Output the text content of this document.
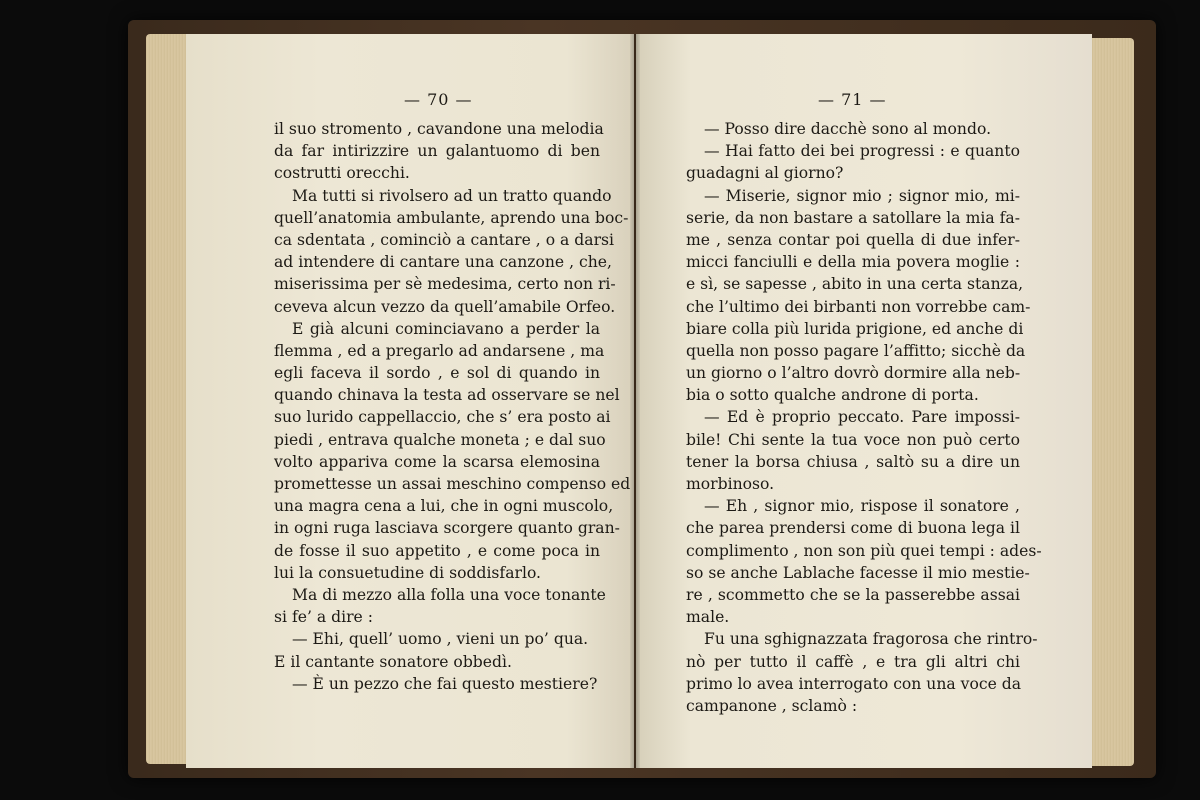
— 70 —
il suo stromento , cavandone una melodia
da far intirizzire un galantuomo di ben
costrutti orecchi.
Ma tutti si rivolsero ad un tratto quando
quell’anatomia ambulante, aprendo una boc-
ca sdentata , cominciò a cantare , o a darsi
ad intendere di cantare una canzone , che,
miserissima per sè medesima, certo non ri-
ceveva alcun vezzo da quell’amabile Orfeo.
E già alcuni cominciavano a perder la
flemma , ed a pregarlo ad andarsene , ma
egli faceva il sordo , e sol di quando in
quando chinava la testa ad osservare se nel
suo lurido cappellaccio, che s’ era posto ai
piedi , entrava qualche moneta ; e dal suo
volto appariva come la scarsa elemosina
promettesse un assai meschino compenso ed
una magra cena a lui, che in ogni muscolo,
in ogni ruga lasciava scorgere quanto gran-
de fosse il suo appetito , e come poca in
lui la consuetudine di soddisfarlo.
Ma di mezzo alla folla una voce tonante
si fe’ a dire :
— Ehi, quell’ uomo , vieni un po’ qua.
E il cantante sonatore obbedì.
— È un pezzo che fai questo mestiere?
— 71 —
— Posso dire dacchè sono al mondo.
— Hai fatto dei bei progressi : e quanto
guadagni al giorno?
— Miserie, signor mio ; signor mio, mi-
serie, da non bastare a satollare la mia fa-
me , senza contar poi quella di due infer-
micci fanciulli e della mia povera moglie :
e sì, se sapesse , abito in una certa stanza,
che l’ultimo dei birbanti non vorrebbe cam-
biare colla più lurida prigione, ed anche di
quella non posso pagare l’affitto; sicchè da
un giorno o l’altro dovrò dormire alla neb-
bia o sotto qualche androne di porta.
— Ed è proprio peccato. Pare impossi-
bile! Chi sente la tua voce non può certo
tener la borsa chiusa , saltò su a dire un
morbinoso.
— Eh , signor mio, rispose il sonatore ,
che parea prendersi come di buona lega il
complimento , non son più quei tempi : ades-
so se anche Lablache facesse il mio mestie-
re , scommetto che se la passerebbe assai
male.
Fu una sghignazzata fragorosa che rintro-
nò per tutto il caffè , e tra gli altri chi
primo lo avea interrogato con una voce da
campanone , sclamò :
